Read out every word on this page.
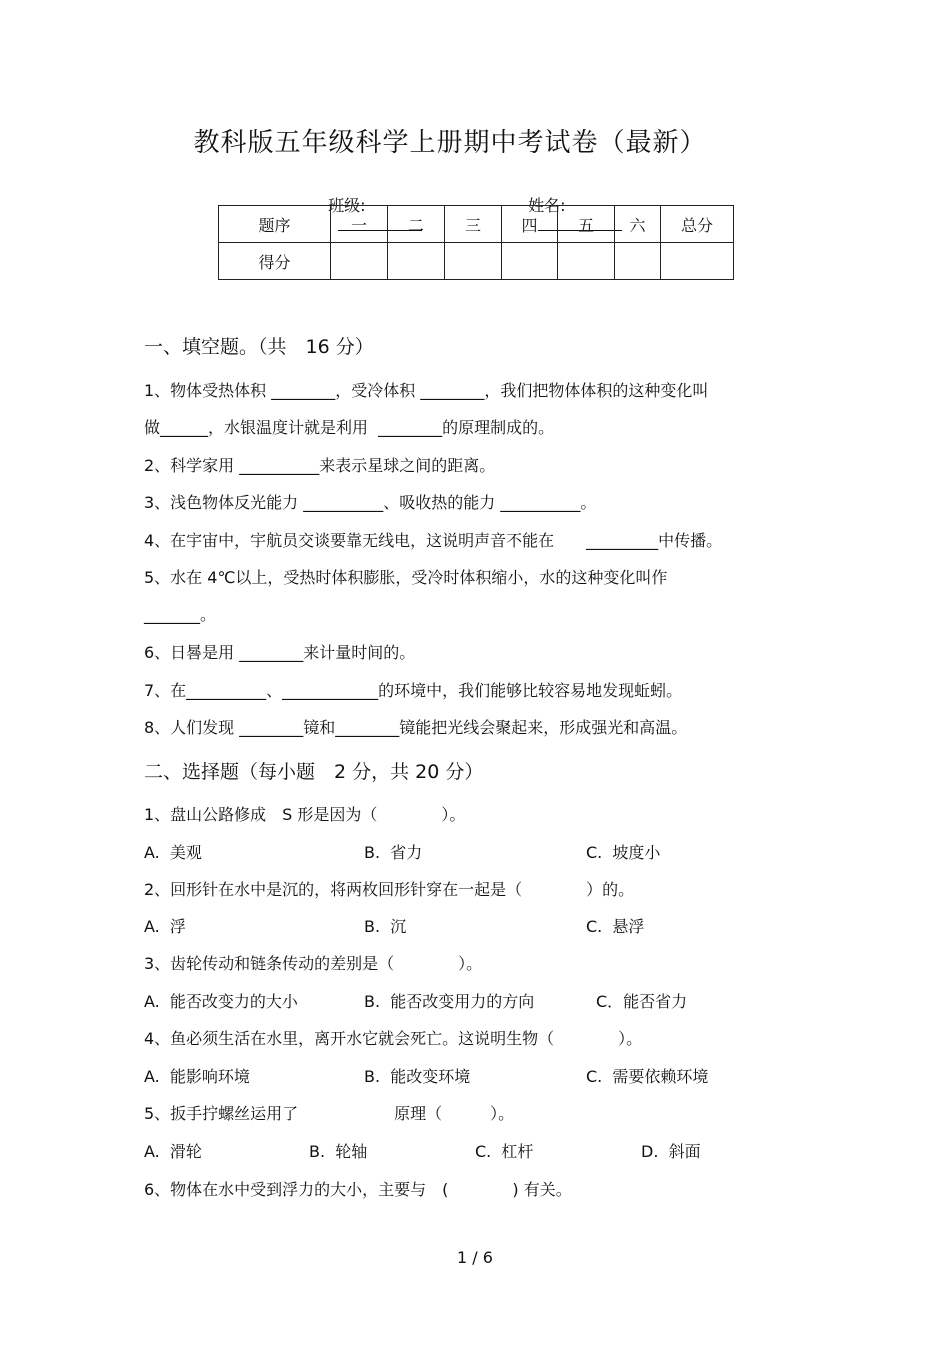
教科版五年级科学上册期中考试卷（最新）

班级:
	姓名:

题序	一	二	三	四	五	六	总分
得分							
一、填空题。（共　16 分）
1、物体受热体积 ________，受冷体积 ________，我们把物体体积的这种变化叫
做______，水银温度计就是利用  ________的原理制成的。
2、科学家用 __________来表示星球之间的距离。
3、浅色物体反光能力 __________、吸收热的能力 __________。
4、在宇宙中，宇航员交谈要靠无线电，这说明声音不能在　　_________中传播。
5、水在 4℃以上，受热时体积膨胀，受冷时体积缩小，水的这种变化叫作
_______。
6、日晷是用 ________来计量时间的。
7、在__________、____________的环境中，我们能够比较容易地发现蚯蚓。
8、人们发现 ________镜和________镜能把光线会聚起来，形成强光和高温。
二、选择题（每小题　2 分，共 20 分）
1、盘山公路修成　S 形是因为（　　　　）。
A.  美观	B.  省力	C.  坡度小
2、回形针在水中是沉的，将两枚回形针穿在一起是（　　　　）的。
A.  浮	B.  沉	C.  悬浮
3、齿轮传动和链条传动的差别是（　　　　）。
A.  能否改变力的大小	B.  能否改变用力的方向	C．能否省力
4、鱼必须生活在水里，离开水它就会死亡。这说明生物（　　　　）。
A.  能影响环境	B.  能改变环境	C.  需要依赖环境
5、扳手拧螺丝运用了　　　　　　原理（　　　）。
A.  滑轮	B.  轮轴	C.  杠杆	D.  斜面
6、物体在水中受到浮力的大小，主要与　(　　　　) 有关。
1 / 6
